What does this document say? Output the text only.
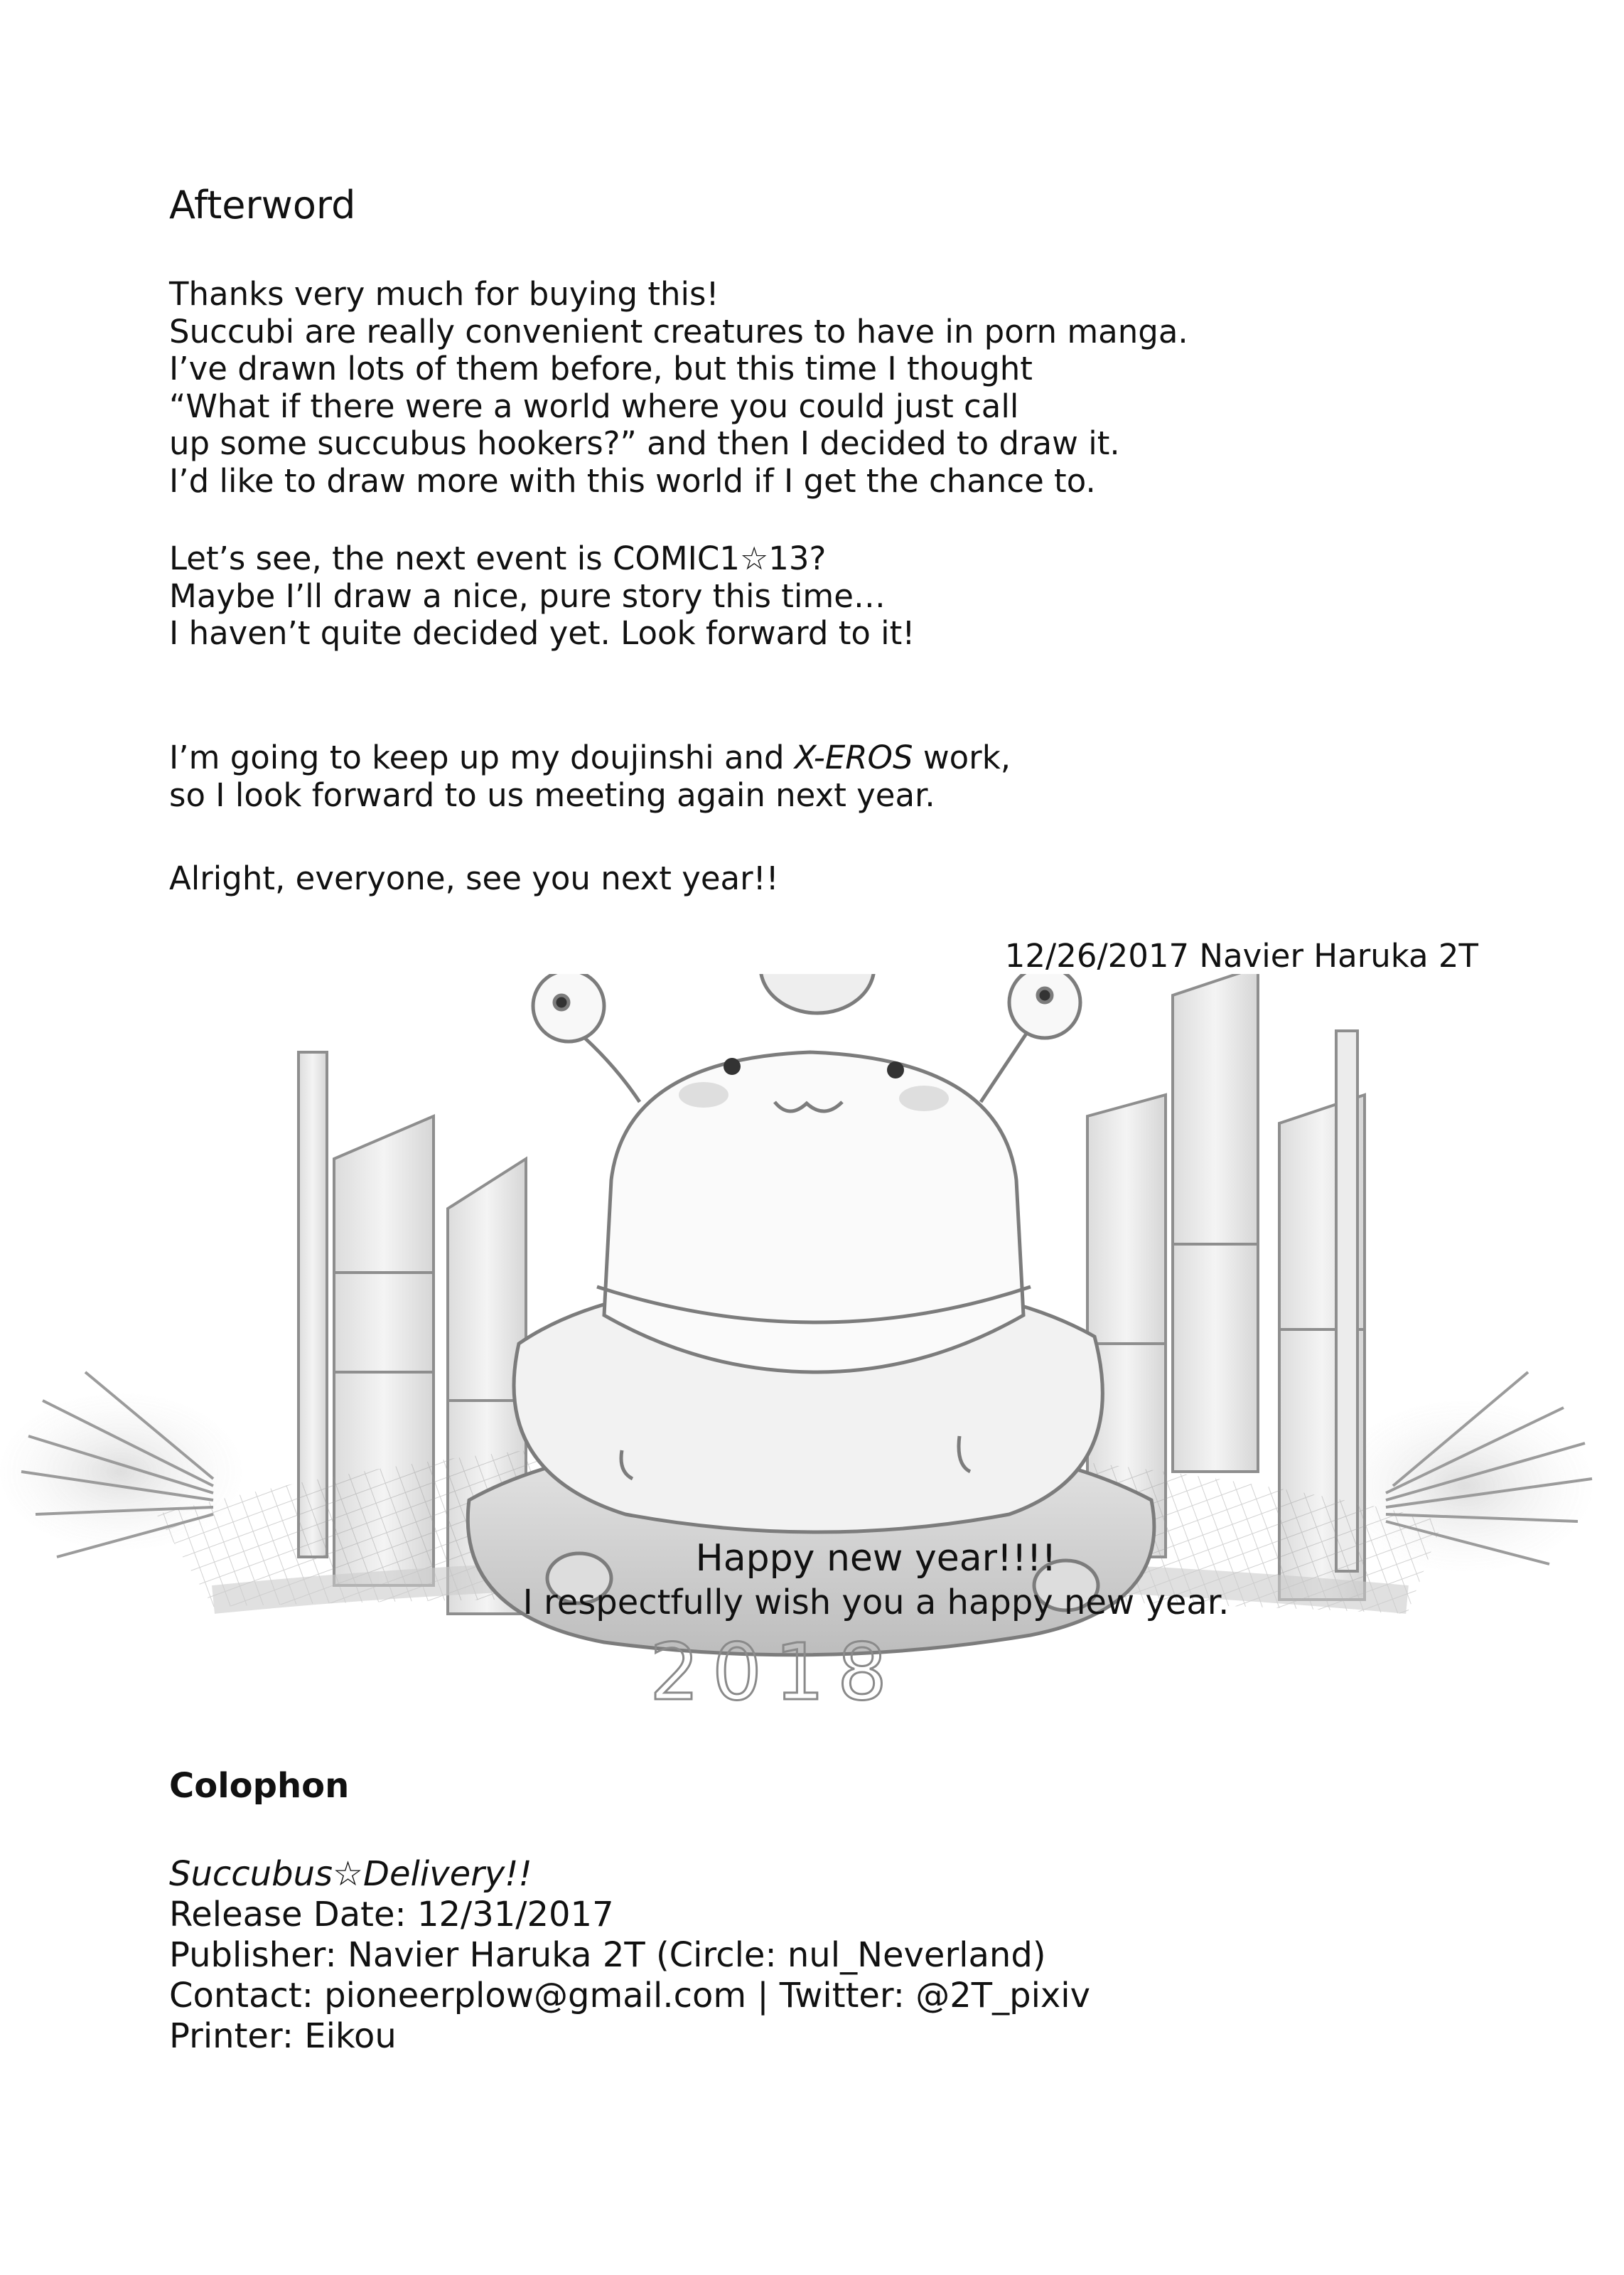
Afterword

Thanks very much for buying this!
Succubi are really convenient creatures to have in porn manga.
I’ve drawn lots of them before, but this time I thought
“What if there were a world where you could just call
up some succubus hookers?” and then I decided to draw it.
I’d like to draw more with this world if I get the chance to.

Let’s see, the next event is COMIC1☆13?
Maybe I’ll draw a nice, pure story this time…
I haven’t quite decided yet. Look forward to it!

I’m going to keep up my doujinshi and X-EROS work,
so I look forward to us meeting again next year.

Alright, everyone, see you next year!!

12/26/2017 Navier Haruka 2T

2018

Happy new year!!!!

I respectfully wish you a happy new year.

Colophon
Succubus☆Delivery!!
Release Date: 12/31/2017
Publisher: Navier Haruka 2T (Circle: nul_Neverland)
Contact: pioneerplow@gmail.com | Twitter: @2T_pixiv
Printer: Eikou
